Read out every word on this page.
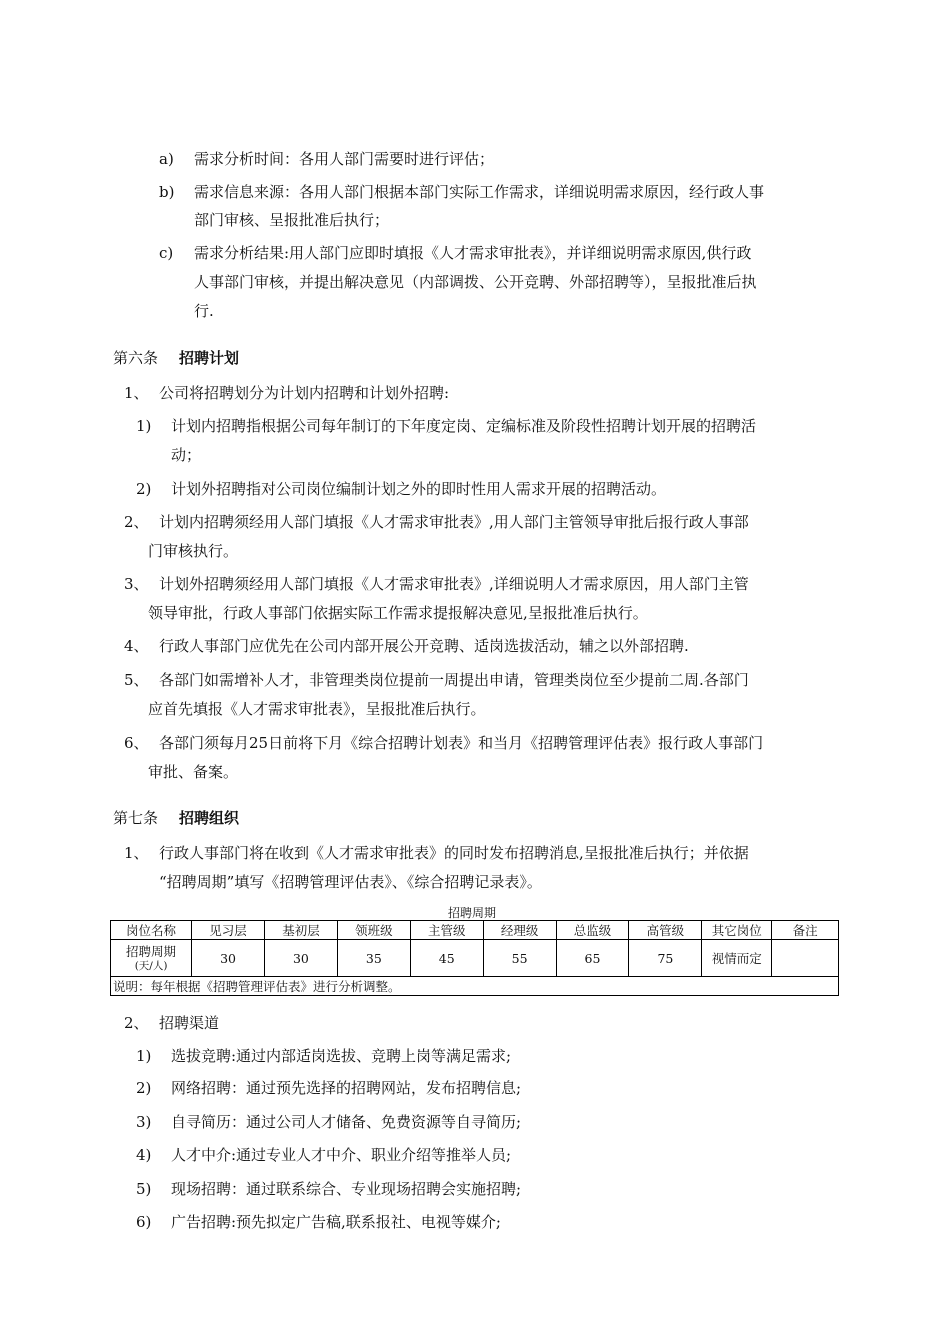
a) 需求分析时间：各用人部门需要时进行评估；
b) 需求信息来源：各用人部门根据本部门实际工作需求，详细说明需求原因，经行政人事
部门审核、呈报批准后执行；
c) 需求分析结果:用人部门应即时填报《人才需求审批表》，并详细说明需求原因,供行政
人事部门审核，并提出解决意见（内部调拨、公开竞聘、外部招聘等），呈报批准后执
行.
第六条 招聘计划
1、 公司将招聘划分为计划内招聘和计划外招聘:
1) 计划内招聘指根据公司每年制订的下年度定岗、定编标准及阶段性招聘计划开展的招聘活
动；
2) 计划外招聘指对公司岗位编制计划之外的即时性用人需求开展的招聘活动。
2、 计划内招聘须经用人部门填报《人才需求审批表》,用人部门主管领导审批后报行政人事部
门审核执行。
3、 计划外招聘须经用人部门填报《人才需求审批表》,详细说明人才需求原因，用人部门主管
领导审批，行政人事部门依据实际工作需求提报解决意见,呈报批准后执行。
4、 行政人事部门应优先在公司内部开展公开竞聘、适岗选拔活动，辅之以外部招聘.
5、 各部门如需增补人才，非管理类岗位提前一周提出申请，管理类岗位至少提前二周.各部门
应首先填报《人才需求审批表》，呈报批准后执行。
6、 各部门须每月25日前将下月《综合招聘计划表》和当月《招聘管理评估表》报行政人事部门
审批、备案。
第七条 招聘组织
1、 行政人事部门将在收到《人才需求审批表》的同时发布招聘消息,呈报批准后执行；并依据
“招聘周期”填写《招聘管理评估表》、《综合招聘记录表》。
招聘周期
岗位名称	见习层	基初层	领班级	主管级	经理级	总监级	高管级	其它岗位	备注

招聘周期
(天/人)	30	30	35	45	55	65	75	视情而定	
说明：每年根据《招聘管理评估表》进行分析调整。									
2、 招聘渠道
1) 选拔竞聘:通过内部适岗选拔、竞聘上岗等满足需求;
2) 网络招聘：通过预先选择的招聘网站，发布招聘信息;
3) 自寻简历：通过公司人才储备、免费资源等自寻简历;
4) 人才中介:通过专业人才中介、职业介绍等推举人员;
5) 现场招聘：通过联系综合、专业现场招聘会实施招聘;
6) 广告招聘:预先拟定广告稿,联系报社、电视等媒介;
